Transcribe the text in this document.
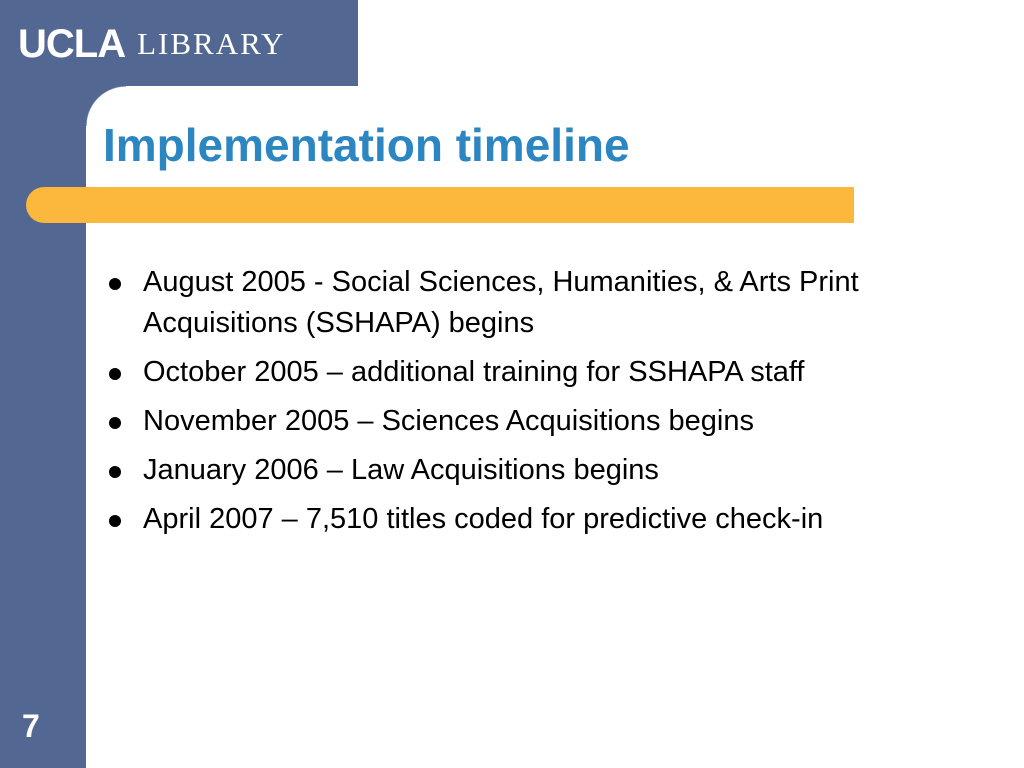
UCLA LIBRARY
Implementation timeline
August 2005 - Social Sciences, Humanities, & Arts Print Acquisitions (SSHAPA) begins
October 2005 – additional training for SSHAPA staff
November 2005 – Sciences Acquisitions begins
January 2006 – Law Acquisitions begins
April 2007 – 7,510 titles coded for predictive check-in
7
